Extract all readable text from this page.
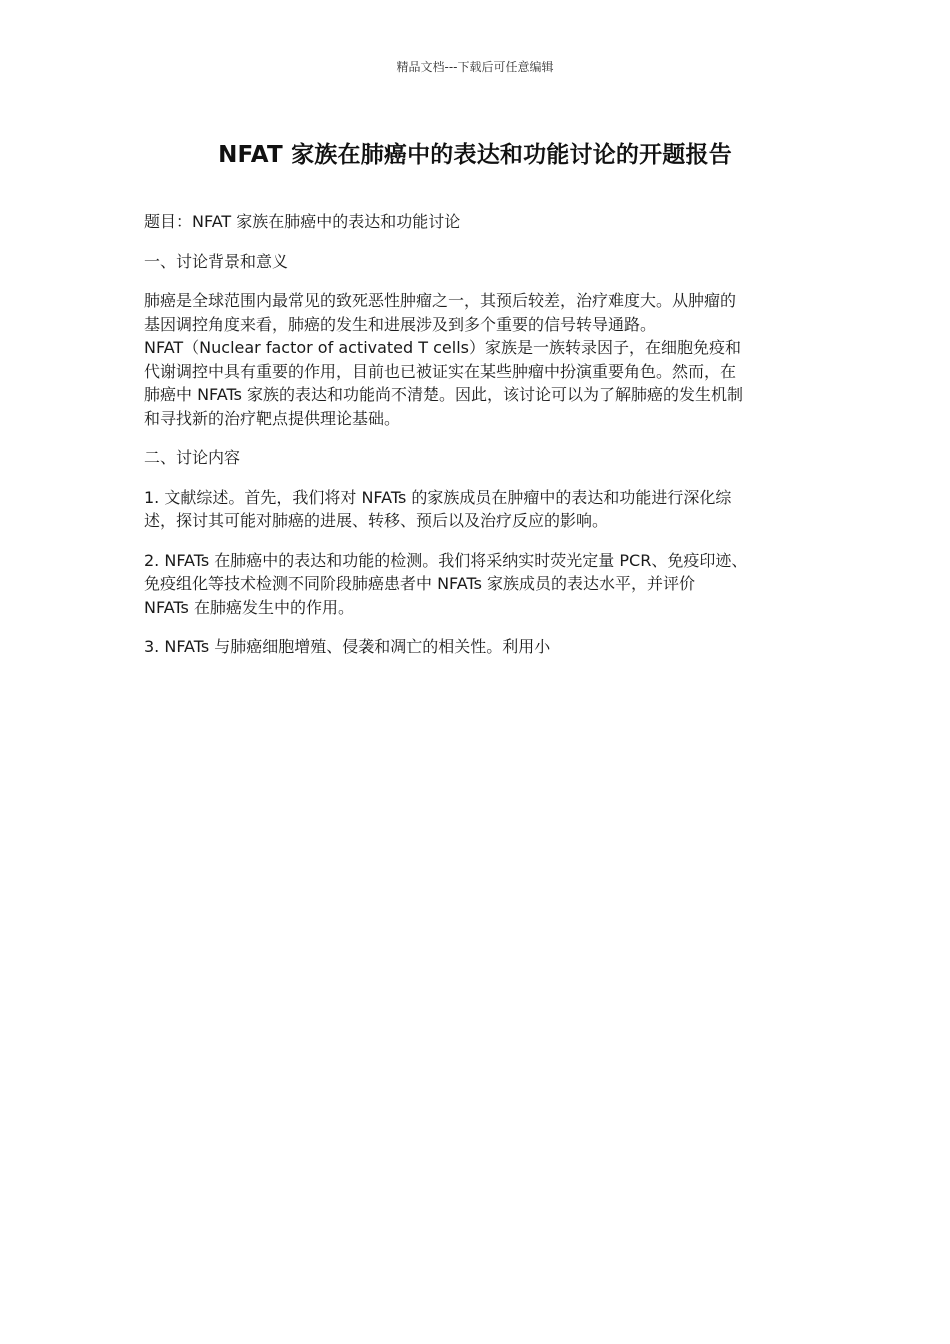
精品文档---下载后可任意编辑
NFAT 家族在肺癌中的表达和功能讨论的开题报告

题目：NFAT 家族在肺癌中的表达和功能讨论

一、讨论背景和意义

肺癌是全球范围内最常见的致死恶性肿瘤之一，其预后较差，治疗难度大。从肿瘤的
基因调控角度来看，肺癌的发生和进展涉及到多个重要的信号转导通路。

NFAT（Nuclear factor of activated T cells）家族是一族转录因子，在细胞免疫和
代谢调控中具有重要的作用，目前也已被证实在某些肿瘤中扮演重要角色。然而，在
肺癌中 NFATs 家族的表达和功能尚不清楚。因此，该讨论可以为了解肺癌的发生机制
和寻找新的治疗靶点提供理论基础。

二、讨论内容

1. 文献综述。首先，我们将对 NFATs 的家族成员在肿瘤中的表达和功能进行深化综
述，探讨其可能对肺癌的进展、转移、预后以及治疗反应的影响。

2. NFATs 在肺癌中的表达和功能的检测。我们将采纳实时荧光定量 PCR、免疫印迹、
免疫组化等技术检测不同阶段肺癌患者中 NFATs 家族成员的表达水平，并评价
NFATs 在肺癌发生中的作用。

3. NFATs 与肺癌细胞增殖、侵袭和凋亡的相关性。利用小
